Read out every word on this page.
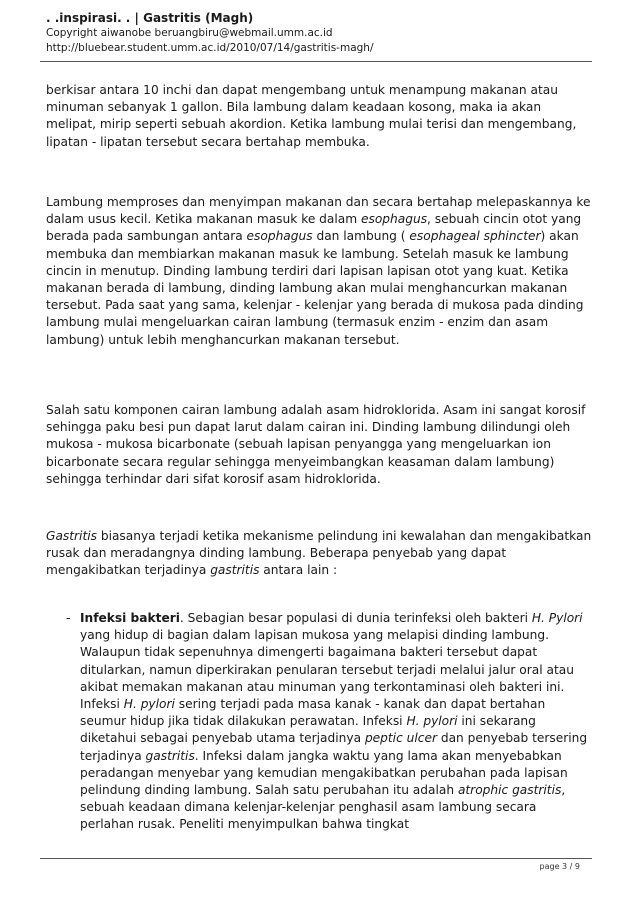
. .inspirasi. . | Gastritis (Magh)

Copyright aiwanobe beruangbiru@webmail.umm.ac.id

http://bluebear.student.umm.ac.id/2010/07/14/gastritis-magh/

berkisar antara 10 inchi dan dapat mengembang untuk menampung makanan atau minuman sebanyak 1 gallon. Bila lambung dalam keadaan kosong, maka ia akan melipat, mirip seperti sebuah akordion. Ketika lambung mulai terisi dan mengembang, lipatan - lipatan tersebut secara bertahap membuka.

Lambung memproses dan menyimpan makanan dan secara bertahap melepaskannya ke dalam usus kecil. Ketika makanan masuk ke dalam esophagus, sebuah cincin otot yang berada pada sambungan antara esophagus dan lambung ( esophageal sphincter) akan membuka dan membiarkan makanan masuk ke lambung. Setelah masuk ke lambung cincin in menutup. Dinding lambung terdiri dari lapisan lapisan otot yang kuat. Ketika makanan berada di lambung, dinding lambung akan mulai menghancurkan makanan tersebut. Pada saat yang sama, kelenjar - kelenjar yang berada di mukosa pada dinding lambung mulai mengeluarkan cairan lambung (termasuk enzim - enzim dan asam lambung) untuk lebih menghancurkan makanan tersebut.

Salah satu komponen cairan lambung adalah asam hidroklorida. Asam ini sangat korosif sehingga paku besi pun dapat larut dalam cairan ini. Dinding lambung dilindungi oleh mukosa - mukosa bicarbonate (sebuah lapisan penyangga yang mengeluarkan ion bicarbonate secara regular sehingga menyeimbangkan keasaman dalam lambung) sehingga terhindar dari sifat korosif asam hidroklorida.

Gastritis biasanya terjadi ketika mekanisme pelindung ini kewalahan dan mengakibatkan rusak dan meradangnya dinding lambung. Beberapa penyebab yang dapat mengakibatkan terjadinya gastritis antara lain :

- Infeksi bakteri. Sebagian besar populasi di dunia terinfeksi oleh bakteri H. Pylori yang hidup di bagian dalam lapisan mukosa yang melapisi dinding lambung. Walaupun tidak sepenuhnya dimengerti bagaimana bakteri tersebut dapat ditularkan, namun diperkirakan penularan tersebut terjadi melalui jalur oral atau akibat memakan makanan atau minuman yang terkontaminasi oleh bakteri ini. Infeksi H. pylori sering terjadi pada masa kanak - kanak dan dapat bertahan seumur hidup jika tidak dilakukan perawatan. Infeksi H. pylori ini sekarang diketahui sebagai penyebab utama terjadinya peptic ulcer dan penyebab tersering terjadinya gastritis. Infeksi dalam jangka waktu yang lama akan menyebabkan peradangan menyebar yang kemudian mengakibatkan perubahan pada lapisan pelindung dinding lambung. Salah satu perubahan itu adalah atrophic gastritis, sebuah keadaan dimana kelenjar-kelenjar penghasil asam lambung secara perlahan rusak. Peneliti menyimpulkan bahwa tingkat
page 3 / 9
